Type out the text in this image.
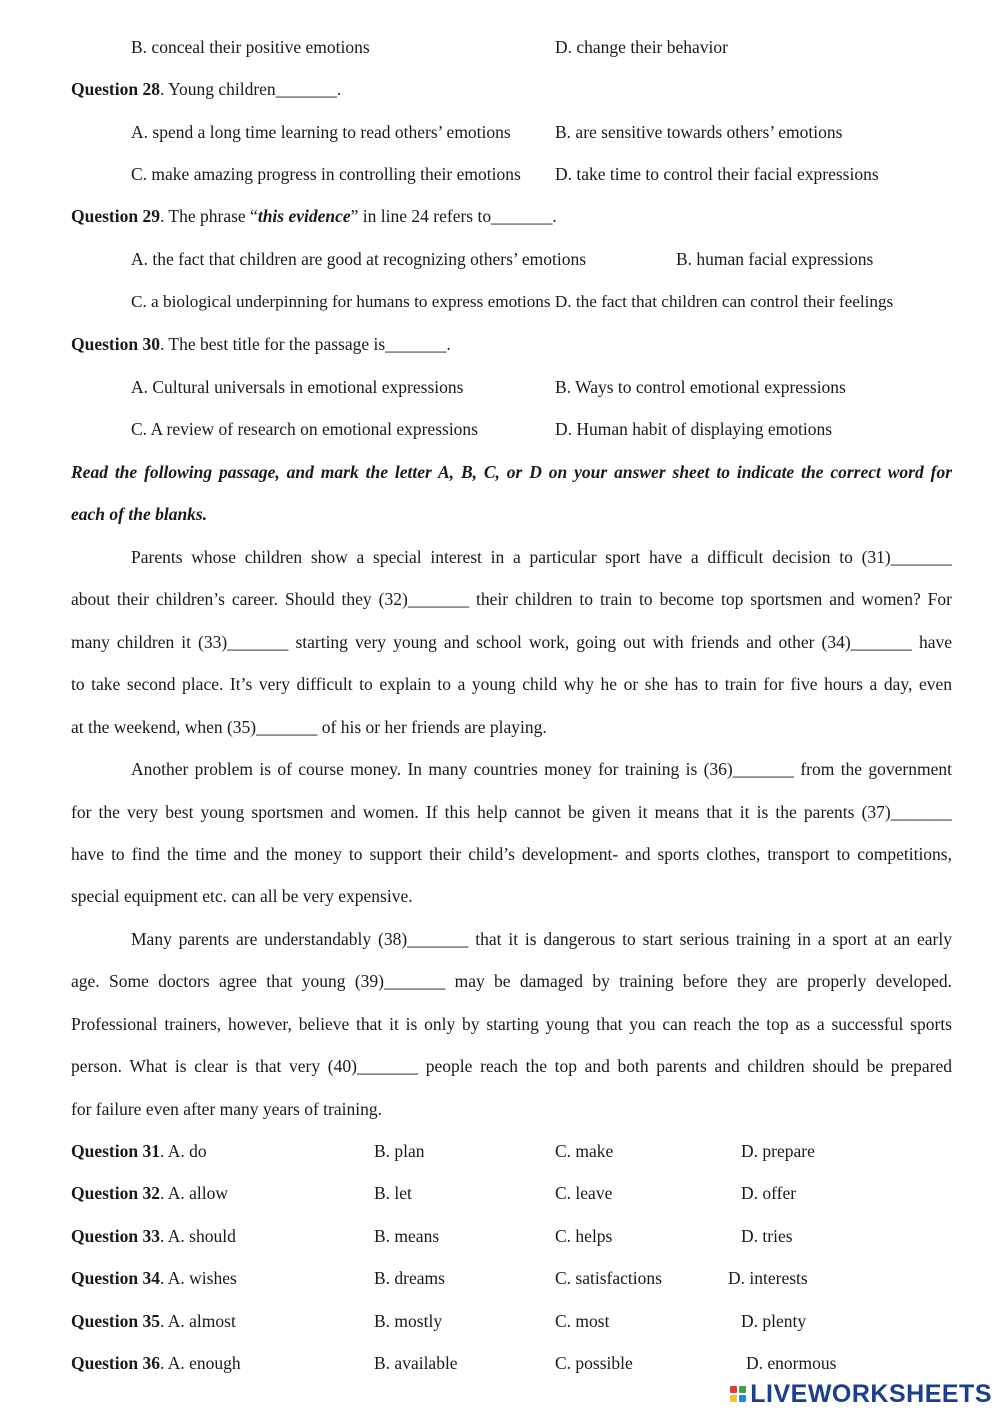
B. conceal their positive emotions	D. change their behavior
Question 28. Young children_______.
A. spend a long time learning to read others’ emotions	B. are sensitive towards others’ emotions
C. make amazing progress in controlling their emotions D. take time to control their facial expressions
Question 29. The phrase “this evidence” in line 24 refers to_______.
A. the fact that children are good at recognizing others’ emotions	B. human facial expressions
C. a biological underpinning for humans to express emotions D. the fact that children can control their feelings
Question 30. The best title for the passage is_______.
A. Cultural universals in emotional expressions	B. Ways to control emotional expressions
C. A review of research on emotional expressions	D. Human habit of displaying emotions
Read the following passage, and mark the letter A, B, C, or D on your answer sheet to indicate the correct word for
each of the blanks.
Parents whose children show a special interest in a particular sport have a difficult decision to (31)_______
about their children’s career. Should they (32)_______ their children to train to become top sportsmen and women? For
many children it (33)_______ starting very young and school work, going out with friends and other (34)_______ have
to take second place. It’s very difficult to explain to a young child why he or she has to train for five hours a day, even
at the weekend, when (35)_______ of his or her friends are playing.
Another problem is of course money. In many countries money for training is (36)_______ from the government
for the very best young sportsmen and women. If this help cannot be given it means that it is the parents (37)_______
have to find the time and the money to support their child’s development- and sports clothes, transport to competitions,
special equipment etc. can all be very expensive.
Many parents are understandably (38)_______ that it is dangerous to start serious training in a sport at an early
age. Some doctors agree that young (39)_______ may be damaged by training before they are properly developed.
Professional trainers, however, believe that it is only by starting young that you can reach the top as a successful sports
person. What is clear is that very (40)_______ people reach the top and both parents and children should be prepared
for failure even after many years of training.
Question 31. A. do	B. plan	C. make	D. prepare
Question 32. A. allow	B. let	C. leave	D. offer
Question 33. A. should	B. means	C. helps	D. tries
Question 34. A. wishes	B. dreams	C. satisfactions	D. interests
Question 35. A. almost	B. mostly	C. most	D. plenty
Question 36. A. enough	B. available	C. possible	D. enormous
LIVEWORKSHEETS
